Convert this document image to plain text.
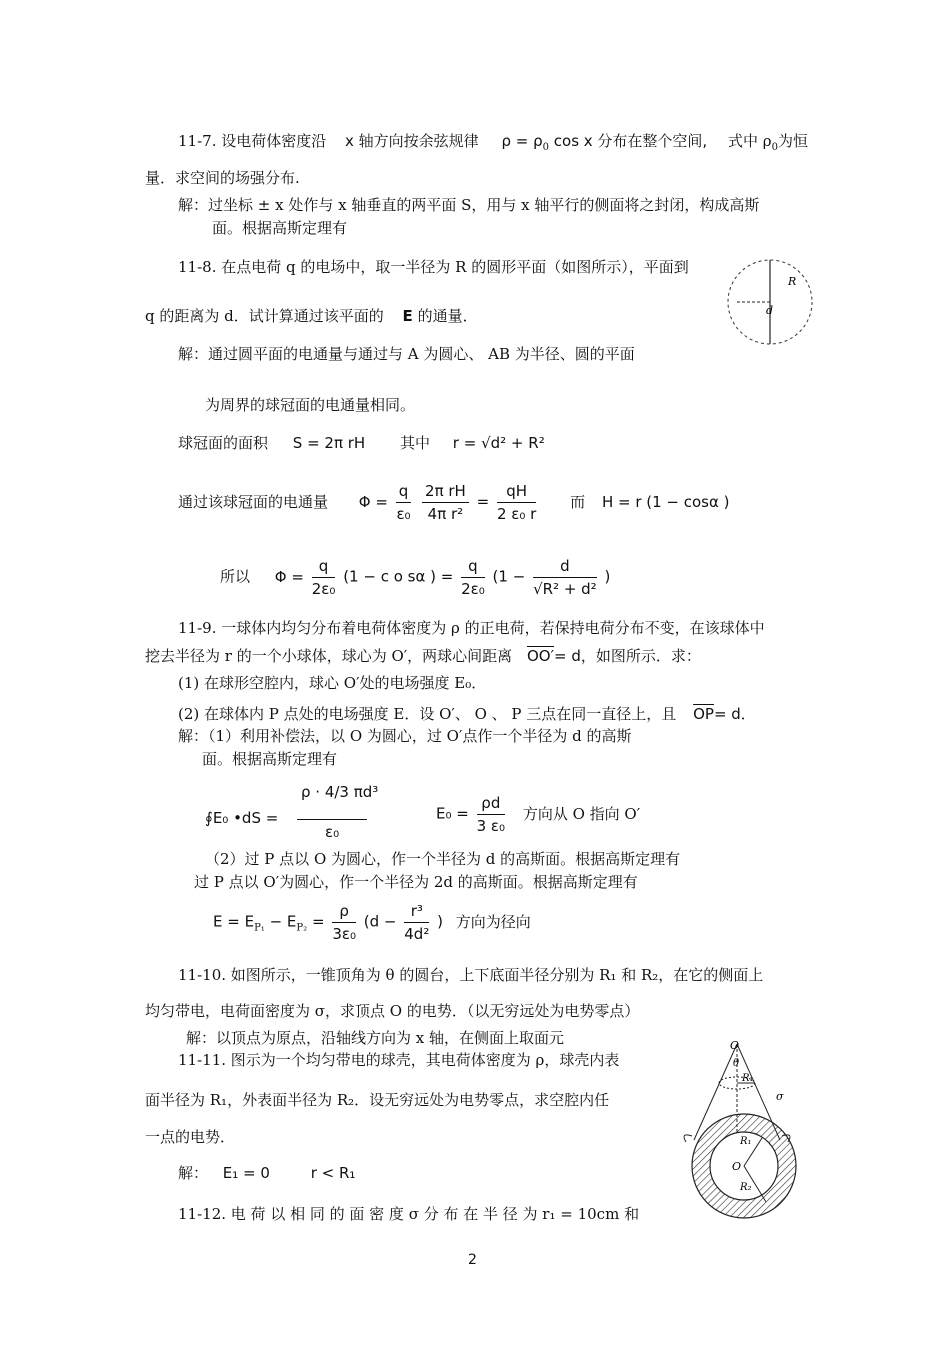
11-7. 设电荷体密度沿 x 轴方向按余弦规律 $\rho = \rho_0$ cos x 分布在整个空间, 式中 $\rho_0$为恒
量．求空间的场强分布.
解：过坐标 ± x 处作与 x 轴垂直的两平面 S，用与 x 轴平行的侧面将之封闭，构成高斯
面。根据高斯定理有
11-8. 在点电荷 q 的电场中，取一半径为 R 的圆形平面（如图所示），平面到
R
d
q 的距离为 d．试计算通过该平面的 E 的通量．
解：通过圆平面的电通量与通过与 A 为圆心、 AB 为半径、圆的平面
为周界的球冠面的电通量相同。
球冠面的面积 S = 2π rH 其中 r = √d² + R²
通过该球冠面的电通量 $\Phi = \frac{q}{\text{ε₀}}$
$\frac{\text{2π rH}}{\text{4π r²}} = \frac{qH}{\text{2 ε₀ r}}$ 而 H = r (1 − cosα )
所以 $\Phi = \frac{q}{\text{2ε₀}} (1 - c$ o sα ) = $\frac{q}{\text{2ε₀}} (1 - \frac{d}{\text{√R² + d²}}$ )
11-9. 一球体内均匀分布着电荷体密度为 ρ 的正电荷，若保持电荷分布不变，在该球体中
挖去半径为 r 的一个小球体，球心为 O′，两球心间距离 OO′= d，如图所示．求：
(1) 在球形空腔内，球心 O′处的电场强度 E₀．
(2) 在球体内 P 点处的电场强度 E．设 O′、 O 、 P 三点在同一直径上，且 $\overline{OP}= d$．
解：（1）利用补偿法，以 O 为圆心，过 O′点作一个半径为 d 的高斯
面。根据高斯定理有
∮E₀ •dS =
ρ · 4/3 πd³
ε₀
$E_0 = \frac{\rho d}{\text{3 ε₀}}$ 方向从 O 指向 O′
（2）过 P 点以 O 为圆心，作一个半径为 d 的高斯面。根据高斯定理有
过 P 点以 O′为圆心，作一个半径为 2d 的高斯面。根据高斯定理有
$E = E_{P_1} - E_{P_2} = \frac{\rho}{\text{3ε₀}} (d - \frac{\text{r³}}{\text{4d²}}$ ) 方向为径向
11-10. 如图所示，一锥顶角为 θ 的圆台，上下底面半径分别为 R₁ 和 R₂，在它的侧面上
均匀带电，电荷面密度为 σ，求顶点 O 的电势．（以无穷远处为电势零点）
解：以顶点为原点，沿轴线方向为 x 轴，在侧面上取面元	O
θ
R₁
σ
11-11. 图示为一个均匀带电的球壳，其电荷体密度为 ρ，球壳内表
面半径为 R₁，外表面半径为 R₂．设无穷远处为电势零点，求空腔内任
一点的电势．
解： E₁ = 0	r < R₁
R₁
O
R₂
11-12. 电 荷 以 相 同 的 面 密 度 σ 分 布 在 半 径 为 r₁ = 10cm 和
2
